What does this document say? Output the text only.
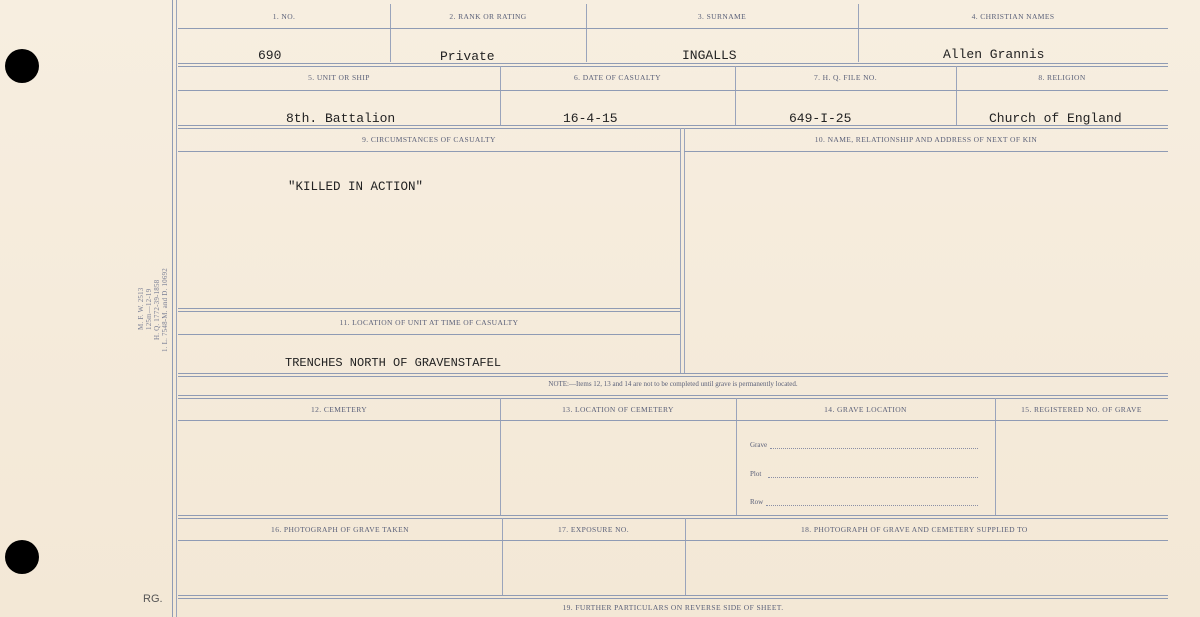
M. F. W. 2513 125m—12-19 H. Q. 1772-39-1858 1. L. 7548-M. and D. 10692
RG.
1. NO.	2. RANK OR RATING	3. SURNAME	4. CHRISTIAN NAMES
690	Private	INGALLS	Allen Grannis
5. UNIT OR SHIP	6. DATE OF CASUALTY	7. H. Q. FILE NO.	8. RELIGION
8th. Battalion	16-4-15	649-I-25	Church of England
9. CIRCUMSTANCES OF CASUALTY	10. NAME, RELATIONSHIP AND ADDRESS OF NEXT OF KIN
"KILLED IN ACTION"
11. LOCATION OF UNIT AT TIME OF CASUALTY
TRENCHES NORTH OF GRAVENSTAFEL
NOTE:—Items 12, 13 and 14 are not to be completed until grave is permanently located.
12. CEMETERY	13. LOCATION OF CEMETERY	14. GRAVE LOCATION	15. REGISTERED NO. OF GRAVE
Grave
Plot
Row
16. PHOTOGRAPH OF GRAVE TAKEN	17. EXPOSURE NO.	18. PHOTOGRAPH OF GRAVE AND CEMETERY SUPPLIED TO
19. FURTHER PARTICULARS ON REVERSE SIDE OF SHEET.
